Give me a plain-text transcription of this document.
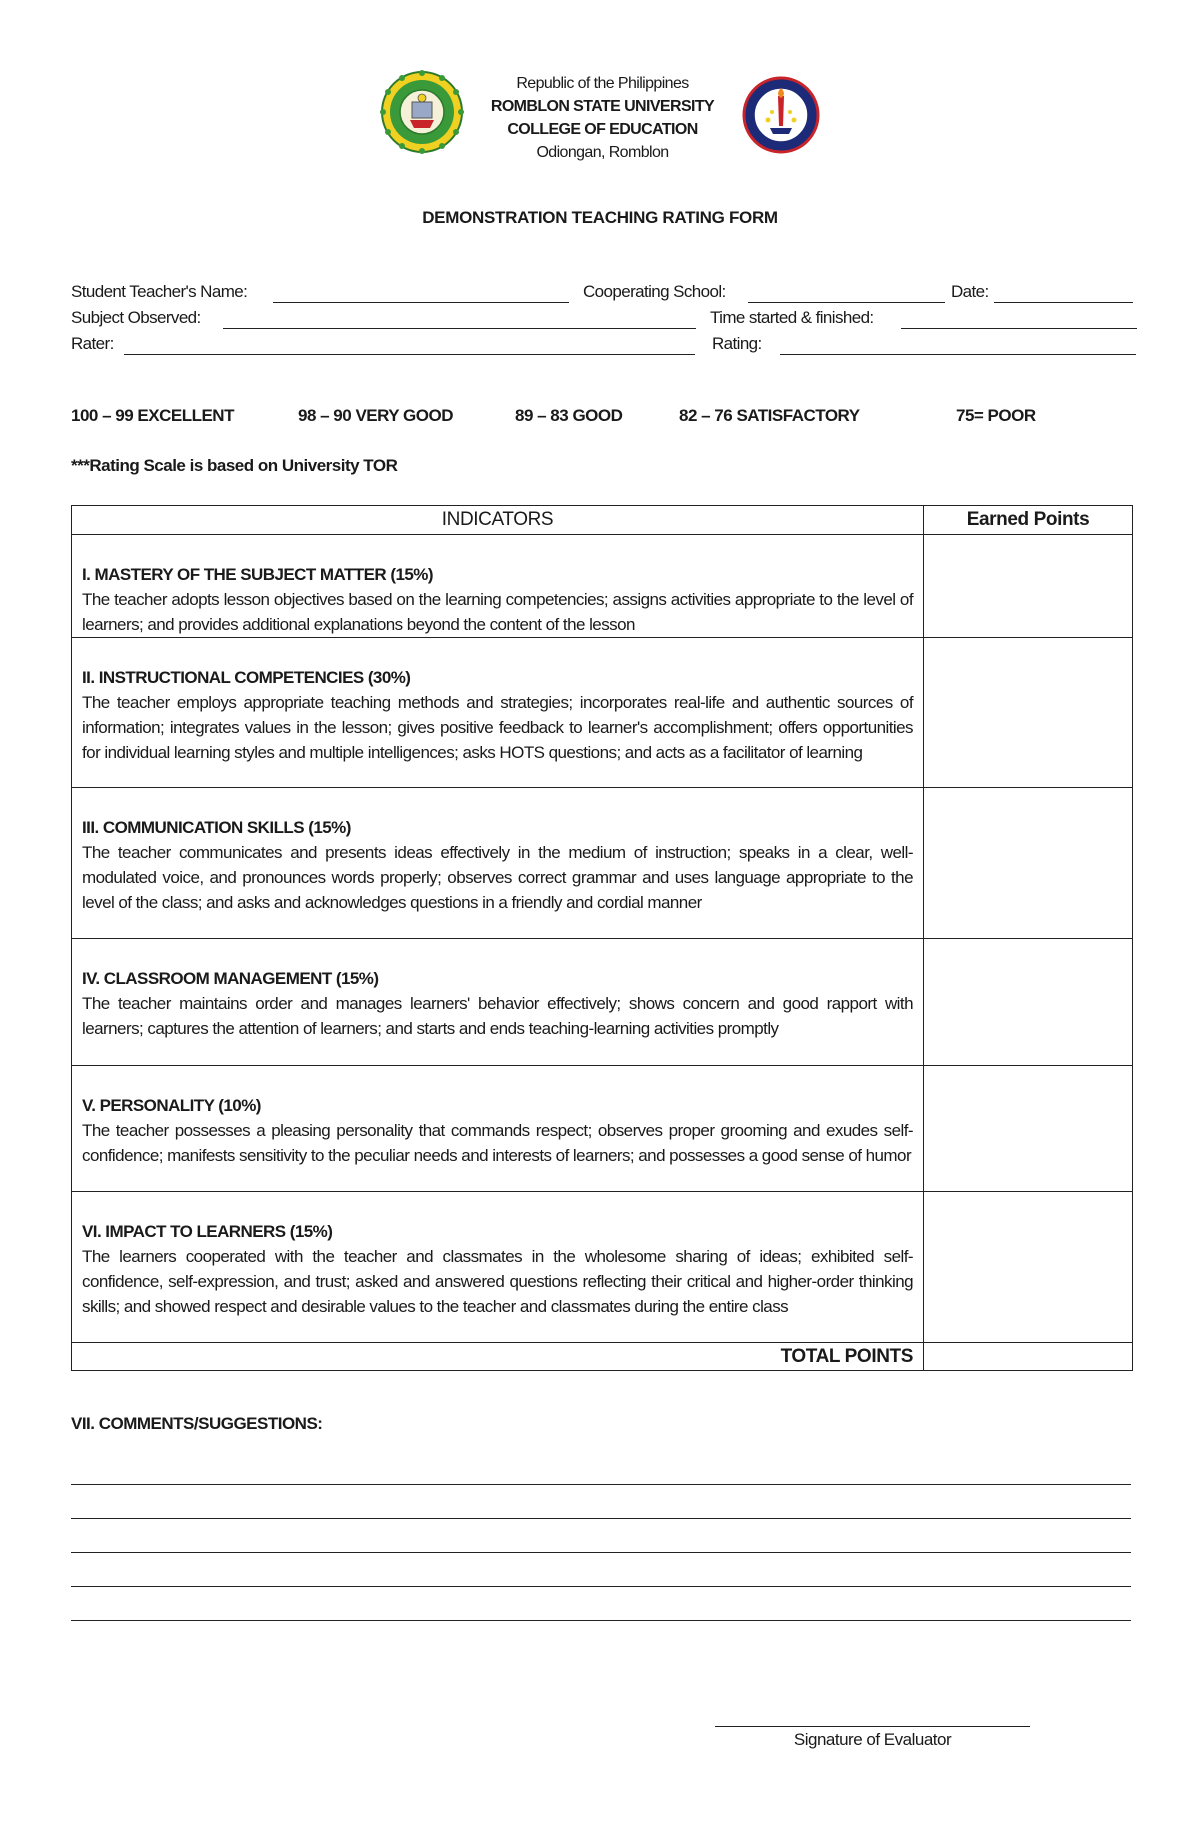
Republic of the Philippines
ROMBLON STATE UNIVERSITY
COLLEGE OF EDUCATION
Odiongan, Romblon
DEMONSTRATION TEACHING RATING FORM
Student Teacher's Name:	Cooperating School:	Date:
Subject Observed:	Time started & finished:
Rater:	Rating:
100 – 99 EXCELLENT	98 – 90 VERY GOOD	89 – 83 GOOD	82 – 76 SATISFACTORY	75= POOR
***Rating Scale is based on University TOR
INDICATORS	Earned Points

I. MASTERY OF THE SUBJECT MATTER (15%)
The teacher adopts lesson objectives based on the learning competencies; assigns activities appropriate to the level of learners; and provides additional explanations beyond the content of the lesson	

II. INSTRUCTIONAL COMPETENCIES (30%)
The teacher employs appropriate teaching methods and strategies; incorporates real-life and authentic sources of information; integrates values in the lesson; gives positive feedback to learner's accomplishment; offers opportunities for individual learning styles and multiple intelligences; asks HOTS questions; and acts as a facilitator of learning	

III. COMMUNICATION SKILLS (15%)
The teacher communicates and presents ideas effectively in the medium of instruction; speaks in a clear, well-modulated voice, and pronounces words properly; observes correct grammar and uses language appropriate to the level of the class; and asks and acknowledges questions in a friendly and cordial manner	

IV. CLASSROOM MANAGEMENT (15%)
The teacher maintains order and manages learners' behavior effectively; shows concern and good rapport with learners; captures the attention of learners; and starts and ends teaching-learning activities promptly	

V. PERSONALITY (10%)
The teacher possesses a pleasing personality that commands respect; observes proper grooming and exudes self-confidence; manifests sensitivity to the peculiar needs and interests of learners; and possesses a good sense of humor	

VI. IMPACT TO LEARNERS (15%)
The learners cooperated with the teacher and classmates in the wholesome sharing of ideas; exhibited self-confidence, self-expression, and trust; asked and answered questions reflecting their critical and higher-order thinking skills; and showed respect and desirable values to the teacher and classmates during the entire class	

TOTAL POINTS	
VII. COMMENTS/SUGGESTIONS:
Signature of Evaluator
